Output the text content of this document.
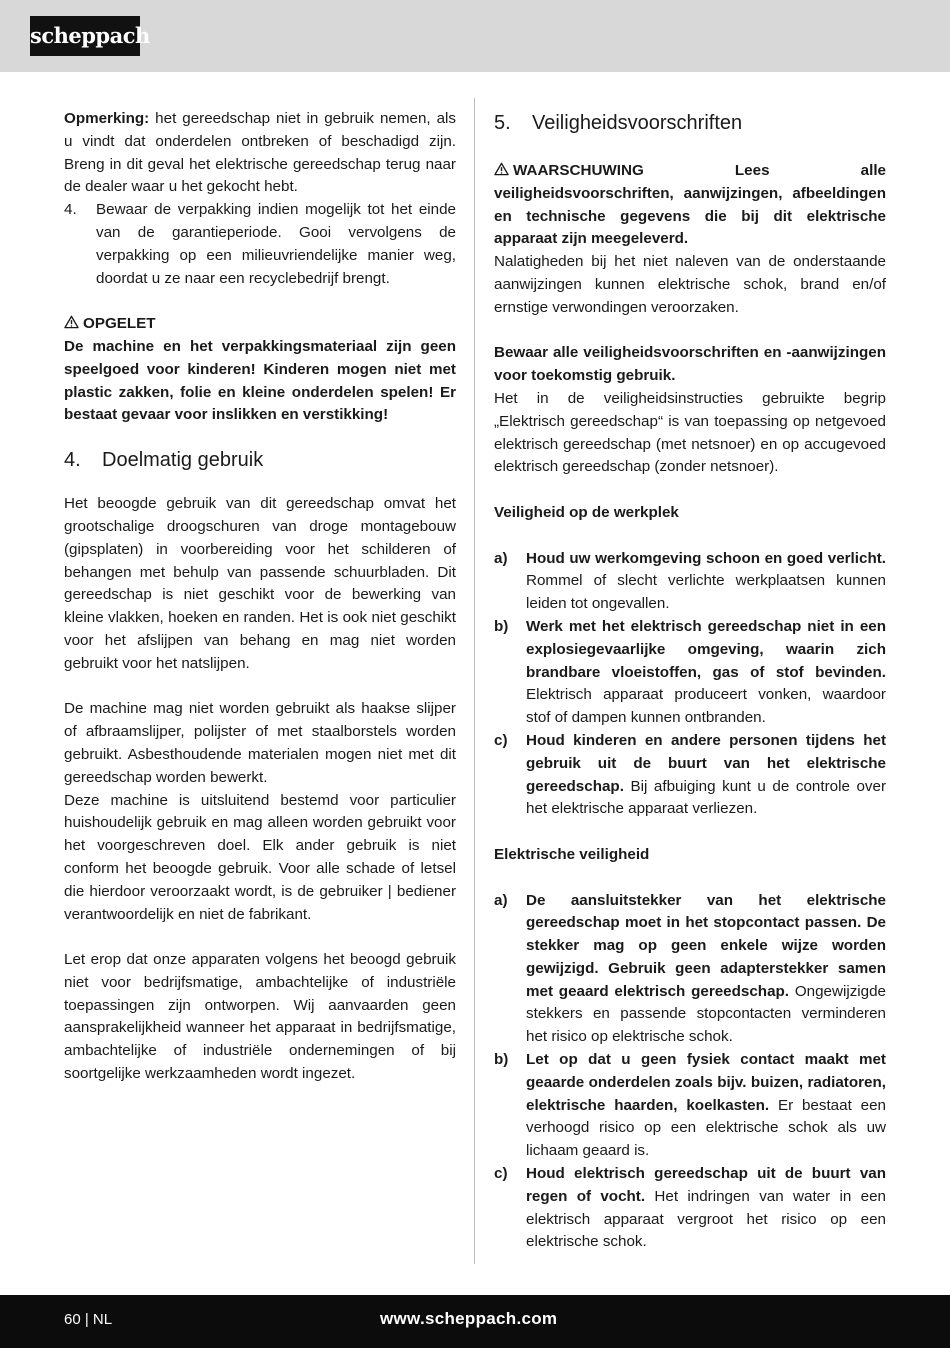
scheppach

Opmerking: het gereedschap niet in gebruik nemen, als u vindt dat onderdelen ontbreken of beschadigd zijn. Breng in dit geval het elektrische gereedschap terug naar de dealer waar u het gekocht hebt.

4.	Bewaar de verpakking indien mogelijk tot het einde van de garantieperiode. Gooi vervolgens de verpakking op een milieuvriendelijke manier weg, doordat u ze naar een recyclebedrijf brengt.

OPGELET

De machine en het verpakkingsmateriaal zijn geen speelgoed voor kinderen! Kinderen mogen niet met plastic zakken, folie en kleine onderdelen spelen! Er bestaat gevaar voor inslikken en verstikking!

4.	Doelmatig gebruik

Het beoogde gebruik van dit gereedschap omvat het grootschalige droogschuren van droge montagebouw (gipsplaten) in voorbereiding voor het schilderen of behangen met behulp van passende schuurbladen. Dit gereedschap is niet geschikt voor de bewerking van kleine vlakken, hoeken en randen. Het is ook niet geschikt voor het afslijpen van behang en mag niet worden gebruikt voor het natslijpen.

De machine mag niet worden gebruikt als haakse slijper of afbraamslijper, polijster of met staalborstels worden gebruikt. Asbesthoudende materialen mogen niet met dit gereedschap worden bewerkt.

Deze machine is uitsluitend bestemd voor particulier huishoudelijk gebruik en mag alleen worden gebruikt voor het voorgeschreven doel. Elk ander gebruik is niet conform het beoogde gebruik. Voor alle schade of letsel die hierdoor veroorzaakt wordt, is de gebruiker | bediener verantwoordelijk en niet de fabrikant.

Let erop dat onze apparaten volgens het beoogd gebruik niet voor bedrijfsmatige, ambachtelijke of industriële toepassingen zijn ontworpen. Wij aanvaarden geen aansprakelijkheid wanneer het apparaat in bedrijfsmatige, ambachtelijke of industriële ondernemingen of bij soortgelijke werkzaamheden wordt ingezet.

5.	Veiligheidsvoorschriften

WAARSCHUWING Lees alle veiligheidsvoorschriften, aanwijzingen, afbeeldingen en technische gegevens die bij dit elektrische apparaat zijn meegeleverd.

Nalatigheden bij het niet naleven van de onderstaande aanwijzingen kunnen elektrische schok, brand en/of ernstige verwondingen veroorzaken.

Bewaar alle veiligheidsvoorschriften en -aanwijzingen voor toekomstig gebruik.

Het in de veiligheidsinstructies gebruikte begrip „Elektrisch gereedschap“ is van toepassing op netgevoed elektrisch gereedschap (met netsnoer) en op accugevoed elektrisch gereedschap (zonder netsnoer).

Veiligheid op de werkplek

a)	Houd uw werkomgeving schoon en goed verlicht. Rommel of slecht verlichte werkplaatsen kunnen leiden tot ongevallen.
b)	Werk met het elektrisch gereedschap niet in een explosiegevaarlijke omgeving, waarin zich brandbare vloeistoffen, gas of stof bevinden. Elektrisch apparaat produceert vonken, waardoor stof of dampen kunnen ontbranden.
c)	Houd kinderen en andere personen tijdens het gebruik uit de buurt van het elektrische gereedschap. Bij afbuiging kunt u de controle over het elektrische apparaat verliezen.

Elektrische veiligheid

a)	De aansluitstekker van het elektrische gereedschap moet in het stopcontact passen. De stekker mag op geen enkele wijze worden gewijzigd. Gebruik geen adapterstekker samen met geaard elektrisch gereedschap. Ongewijzigde stekkers en passende stopcontacten verminderen het risico op elektrische schok.
b)	Let op dat u geen fysiek contact maakt met geaarde onderdelen zoals bijv. buizen, radiatoren, elektrische haarden, koelkasten. Er bestaat een verhoogd risico op een elektrische schok als uw lichaam geaard is.
c)	Houd elektrisch gereedschap uit de buurt van regen of vocht. Het indringen van water in een elektrisch apparaat vergroot het risico op een elektrische schok.
60 | NL	www.scheppach.com
